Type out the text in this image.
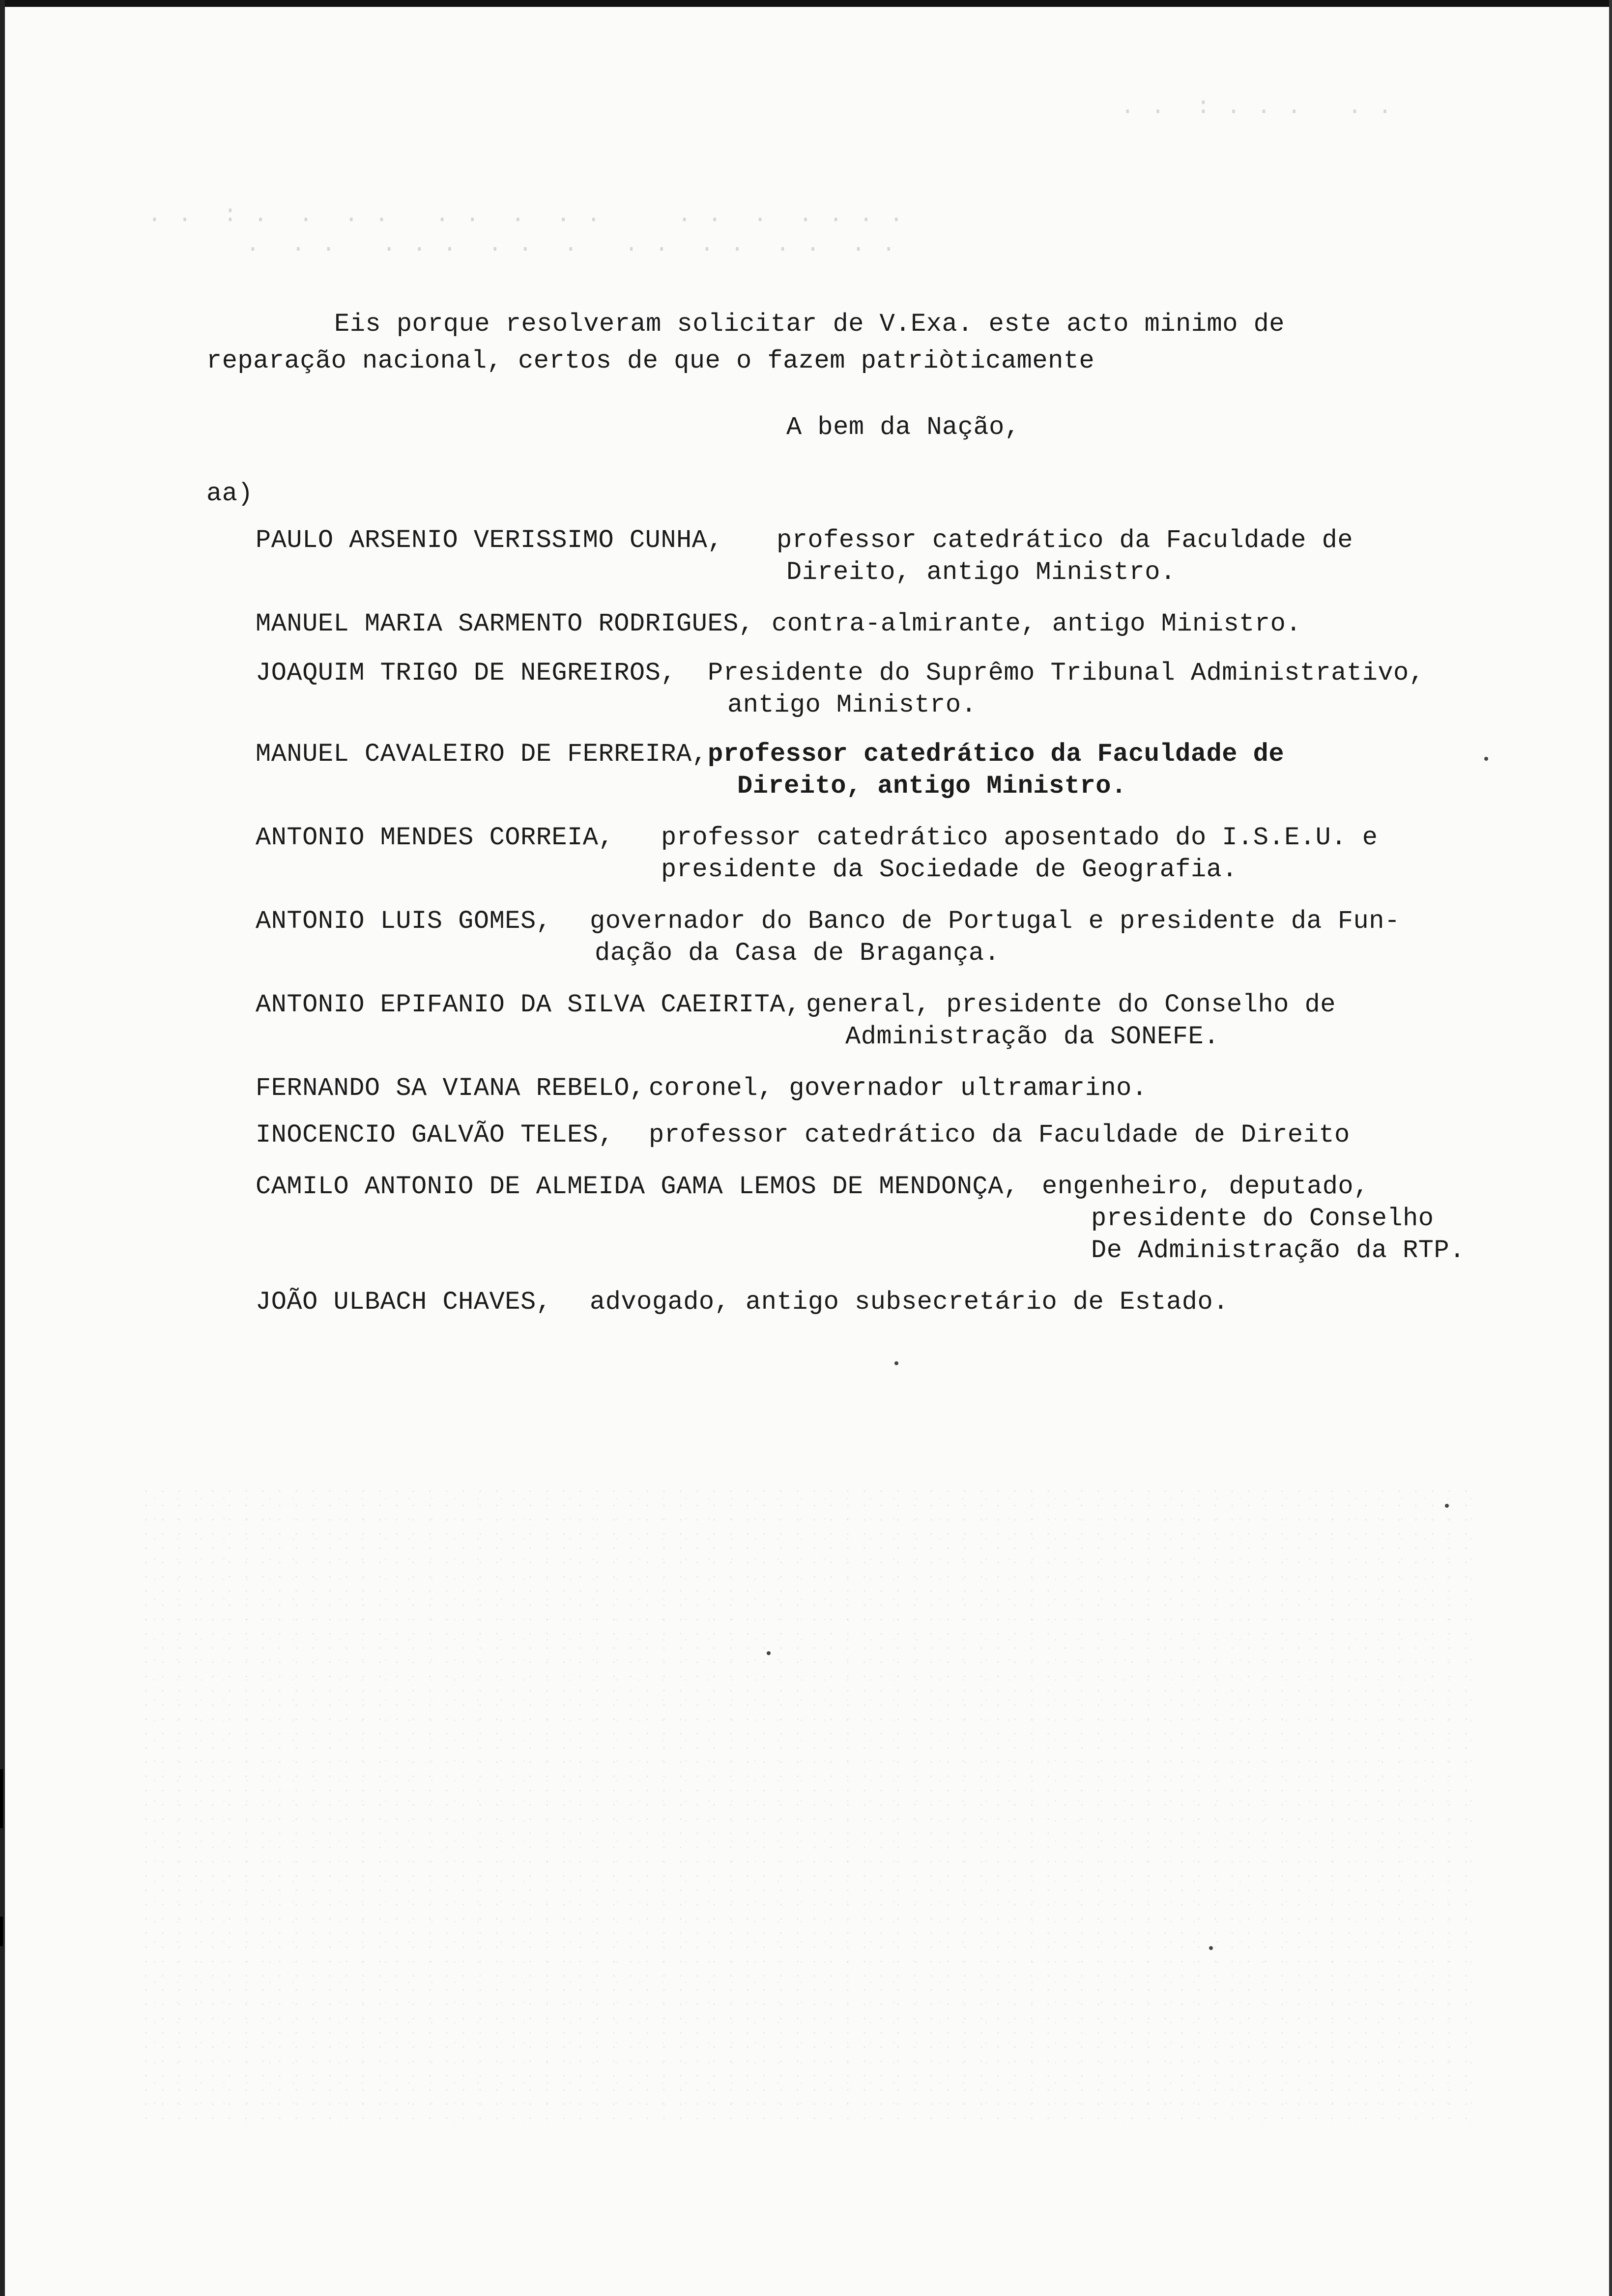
. .  : . . .   . .
. .  : .  .  . .   . .  .  . .     . .  .  . . . .
.  . .   . . .  . .  .   . .  . .  . .  . .
Eis porque resolveram solicitar de V.Exa. este acto minimo de
reparação nacional, certos de que o fazem patriòticamente
A bem da Nação,
aa)
PAULO ARSENIO VERISSIMO CUNHA, professor catedrático da Faculdade de
Direito, antigo Ministro.
MANUEL MARIA SARMENTO RODRIGUES, contra-almirante, antigo Ministro.
JOAQUIM TRIGO DE NEGREIROS, Presidente do Suprêmo Tribunal Administrativo,
antigo Ministro.
MANUEL CAVALEIRO DE FERREIRA, professor catedrático da Faculdade de
Direito, antigo Ministro.
ANTONIO MENDES CORREIA, professor catedrático aposentado do I.S.E.U. e
presidente da Sociedade de Geografia.
ANTONIO LUIS GOMES, governador do Banco de Portugal e presidente da Fun-
dação da Casa de Bragança.
ANTONIO EPIFANIO DA SILVA CAEIRITA, general, presidente do Conselho de
Administração da SONEFE.
FERNANDO SA VIANA REBELO, coronel, governador ultramarino.
INOCENCIO GALVÃO TELES, professor catedrático da Faculdade de Direito
CAMILO ANTONIO DE ALMEIDA GAMA LEMOS DE MENDONÇA, engenheiro, deputado,
presidente do Conselho
De Administração da RTP.
JOÃO ULBACH CHAVES, advogado, antigo subsecretário de Estado.
